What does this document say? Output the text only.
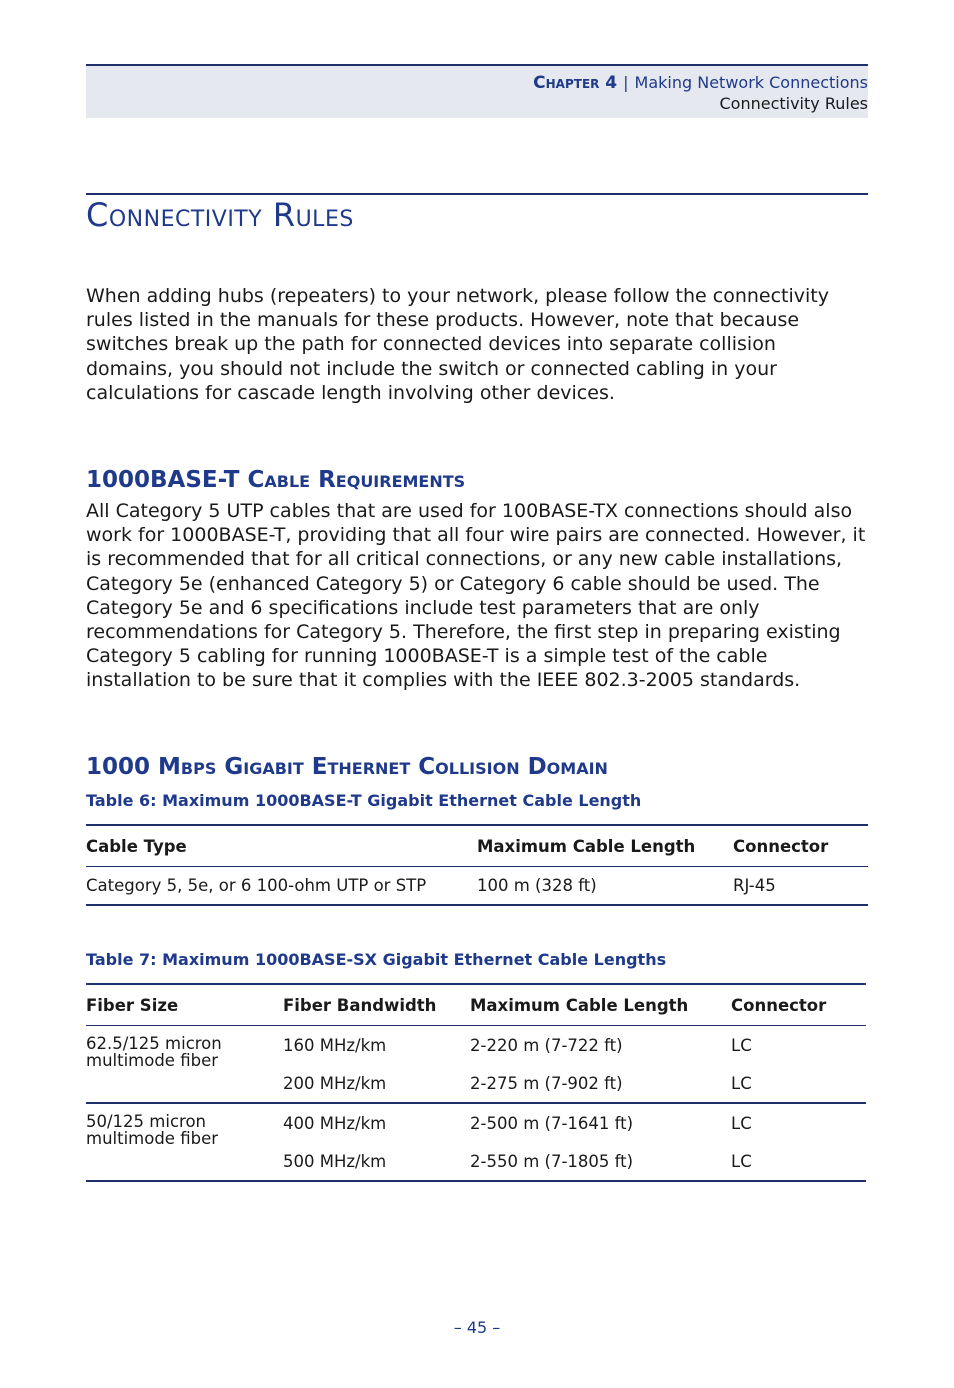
Chapter 4 | Making Network Connections
Connectivity Rules
Connectivity Rules

When adding hubs (repeaters) to your network, please follow the connectivity rules listed in the manuals for these products. However, note that because switches break up the path for connected devices into separate collision domains, you should not include the switch or connected cabling in your calculations for cascade length involving other devices.

1000BASE-T Cable Requirements

All Category 5 UTP cables that are used for 100BASE-TX connections should also work for 1000BASE-T, providing that all four wire pairs are connected. However, it is recommended that for all critical connections, or any new cable installations, Category 5e (enhanced Category 5) or Category 6 cable should be used. The Category 5e and 6 specifications include test parameters that are only recommendations for Category 5. Therefore, the first step in preparing existing Category 5 cabling for running 1000BASE-T is a simple test of the cable installation to be sure that it complies with the IEEE 802.3-2005 standards.

1000 Mbps Gigabit Ethernet Collision Domain

Table 6: Maximum 1000BASE-T Gigabit Ethernet Cable Length

Cable Type	Maximum Cable Length	Connector
Category 5, 5e, or 6 100-ohm UTP or STP	100 m (328 ft)	RJ-45

Table 7: Maximum 1000BASE-SX Gigabit Ethernet Cable Lengths

Fiber Size	Fiber Bandwidth	Maximum Cable Length	Connector
62.5/125 micron multimode fiber	160 MHz/km	2-220 m (7-722 ft)	LC
	200 MHz/km	2-275 m (7-902 ft)	LC
50/125 micron multimode fiber	400 MHz/km	2-500 m (7-1641 ft)	LC
	500 MHz/km	2-550 m (7-1805 ft)	LC
– 45 –
